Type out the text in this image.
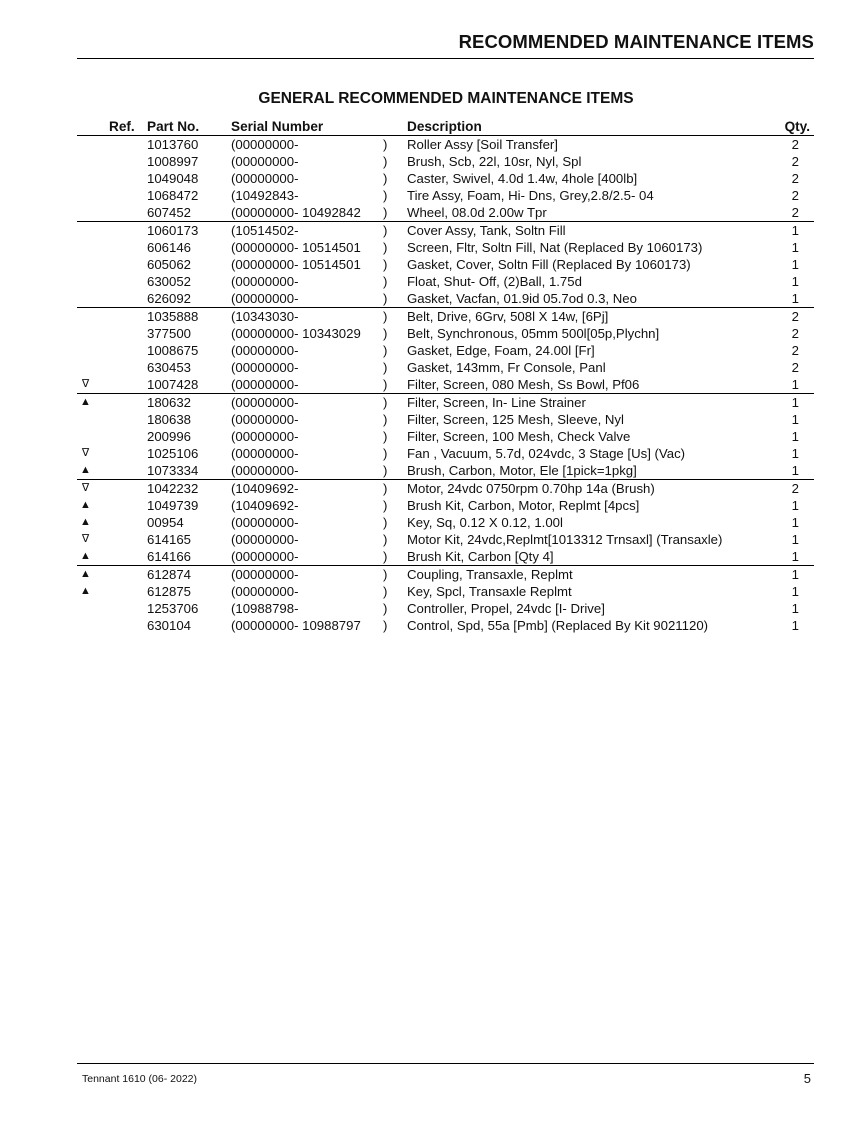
RECOMMENDED MAINTENANCE ITEMS
GENERAL RECOMMENDED MAINTENANCE ITEMS
Ref. Part No. Serial Number	Description	Qty.
1013760 (00000000-	) Roller Assy [Soil Transfer]	2
1008997 (00000000-	) Brush, Scb, 22l, 10sr, Nyl, Spl	2
1049048 (00000000-	) Caster, Swivel, 4.0d 1.4w, 4hole [400lb]	2
1068472 (10492843-	) Tire Assy, Foam, Hi- Dns, Grey,2.8/2.5- 04	2
607452	(00000000- 10492842 ) Wheel, 08.0d 2.00w Tpr	2
1060173 (10514502-	) Cover Assy, Tank, Soltn Fill	1
606146	(00000000- 10514501 ) Screen, Fltr, Soltn Fill, Nat (Replaced By 1060173)	1
605062	(00000000- 10514501 ) Gasket, Cover, Soltn Fill (Replaced By 1060173)	1
630052	(00000000-	) Float, Shut- Off, (2)Ball, 1.75d	1
626092	(00000000-	) Gasket, Vacfan, 01.9id 05.7od 0.3, Neo	1
1035888 (10343030-	) Belt, Drive, 6Grv, 508l X 14w, [6Pj]	2
377500	(00000000- 10343029 ) Belt, Synchronous, 05mm 500l[05p,Plychn]	2
1008675 (00000000-	) Gasket, Edge, Foam, 24.00l [Fr]	2
630453	(00000000-	) Gasket, 143mm, Fr Console, Panl	2
∇	1007428 (00000000-	) Filter, Screen, 080 Mesh, Ss Bowl, Pf06	1
▲	180632	(00000000-	) Filter, Screen, In- Line Strainer	1
180638	(00000000-	) Filter, Screen, 125 Mesh, Sleeve, Nyl	1
200996	(00000000-	) Filter, Screen, 100 Mesh, Check Valve	1
∇	1025106 (00000000-	) Fan , Vacuum, 5.7d, 024vdc, 3 Stage [Us] (Vac)	1
▲	1073334 (00000000-	) Brush, Carbon, Motor, Ele [1pick=1pkg]	1
∇	1042232 (10409692-	) Motor, 24vdc 0750rpm 0.70hp 14a (Brush)	2
▲	1049739 (10409692-	) Brush Kit, Carbon, Motor, Replmt [4pcs]	1
▲	00954	(00000000-	) Key, Sq, 0.12 X 0.12, 1.00l	1
∇	614165	(00000000-	) Motor Kit, 24vdc,Replmt[1013312 Trnsaxl] (Transaxle)	1
▲	614166	(00000000-	) Brush Kit, Carbon [Qty 4]	1
▲	612874	(00000000-	) Coupling, Transaxle, Replmt	1
▲	612875	(00000000-	) Key, Spcl, Transaxle Replmt	1
1253706 (10988798-	) Controller, Propel, 24vdc [I- Drive]	1
630104	(00000000- 10988797 ) Control, Spd, 55a [Pmb] (Replaced By Kit 9021120)	1
Tennant 1610 (06- 2022)	5
